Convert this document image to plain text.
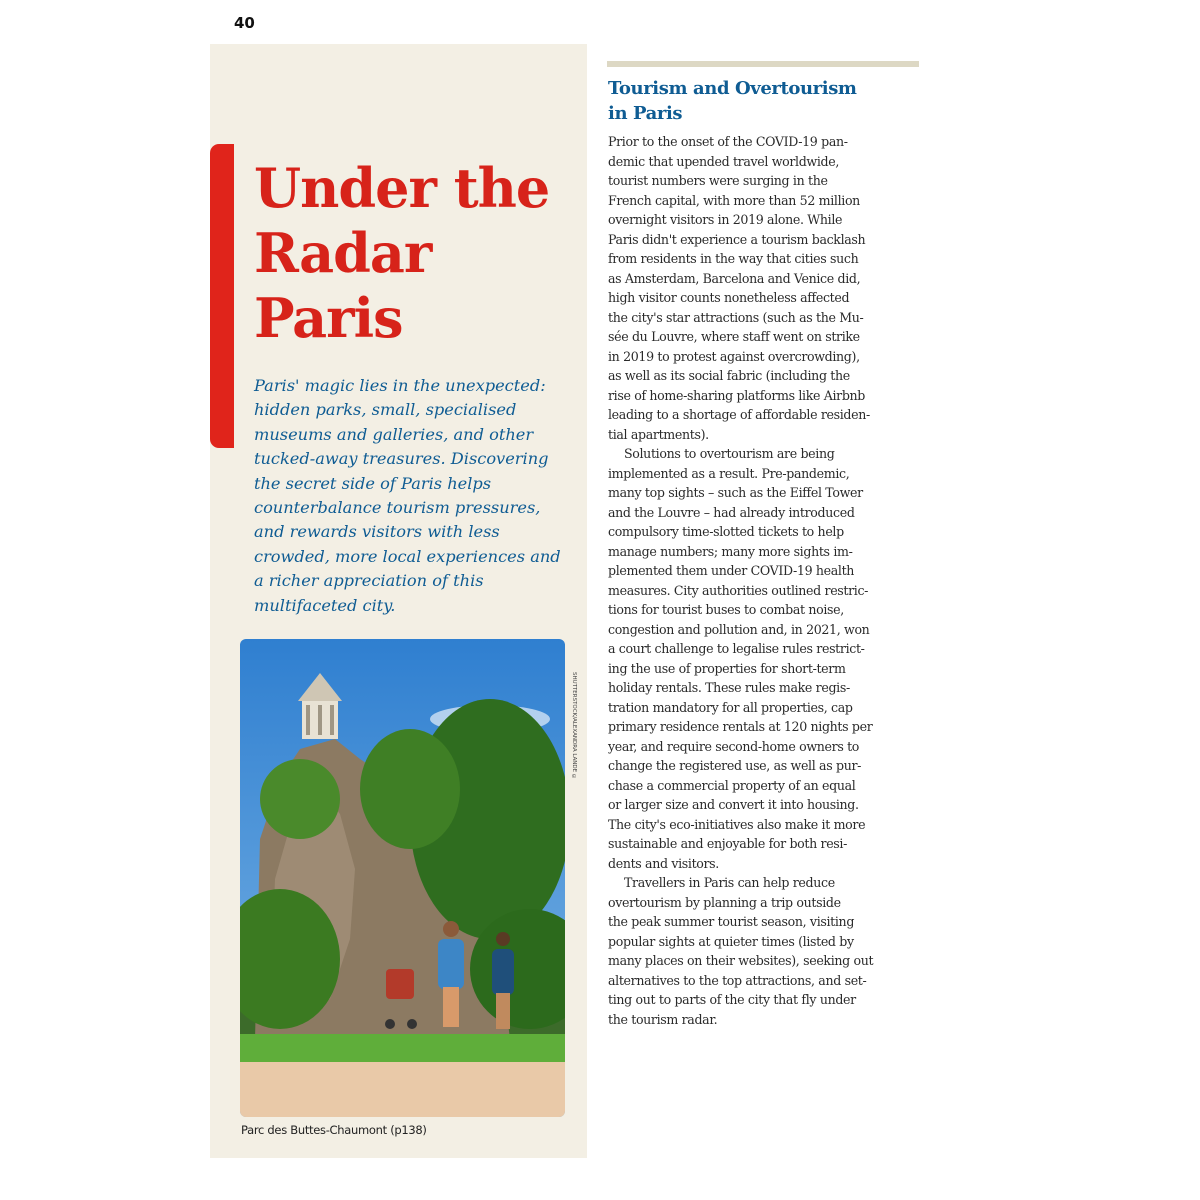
40
Under the
Radar
Paris

Paris' magic lies in the unexpected: hidden parks, small, specialised museums and galleries, and other tucked-away treasures. Discovering the secret side of Paris helps counterbalance tourism pressures, and rewards visitors with less crowded, more local experiences and a richer appreciation of this multifaceted city.

SHUTTERSTOCK/ALEXANDRA LANDE ©
Parc des Buttes-Chaumont (p138)
Tourism and Overtourism
in Paris
Prior to the onset of the COVID-19 pan-
demic that upended travel worldwide,
tourist numbers were surging in the
French capital, with more than 52 million
overnight visitors in 2019 alone. While
Paris didn't experience a tourism backlash
from residents in the way that cities such
as Amsterdam, Barcelona and Venice did,
high visitor counts nonetheless affected
the city's star attractions (such as the Mu-
sée du Louvre, where staff went on strike
in 2019 to protest against overcrowding),
as well as its social fabric (including the
rise of home-sharing platforms like Airbnb
leading to a shortage of affordable residen-
tial apartments).
Solutions to overtourism are being
implemented as a result. Pre-pandemic,
many top sights – such as the Eiffel Tower
and the Louvre – had already introduced
compulsory time-slotted tickets to help
manage numbers; many more sights im-
plemented them under COVID-19 health
measures. City authorities outlined restric-
tions for tourist buses to combat noise,
congestion and pollution and, in 2021, won
a court challenge to legalise rules restrict-
ing the use of properties for short-term
holiday rentals. These rules make regis-
tration mandatory for all properties, cap
primary residence rentals at 120 nights per
year, and require second-home owners to
change the registered use, as well as pur-
chase a commercial property of an equal
or larger size and convert it into housing.
The city's eco-initiatives also make it more
sustainable and enjoyable for both resi-
dents and visitors.
Travellers in Paris can help reduce
overtourism by planning a trip outside
the peak summer tourist season, visiting
popular sights at quieter times (listed by
many places on their websites), seeking out
alternatives to the top attractions, and set-
ting out to parts of the city that fly under
the tourism radar.
